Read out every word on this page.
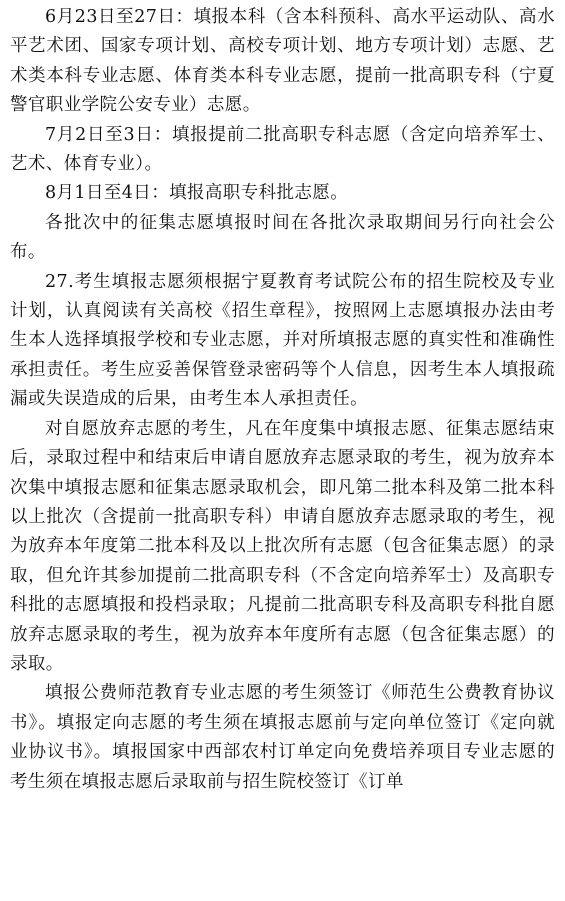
6月23日至27日：填报本科（含本科预科、高水平运动队、高水平艺术团、国家专项计划、高校专项计划、地方专项计划）志愿、艺术类本科专业志愿、体育类本科专业志愿，提前一批高职专科（宁夏警官职业学院公安专业）志愿。

7月2日至3日：填报提前二批高职专科志愿（含定向培养军士、艺术、体育专业）。

8月1日至4日：填报高职专科批志愿。

各批次中的征集志愿填报时间在各批次录取期间另行向社会公布。

27.考生填报志愿须根据宁夏教育考试院公布的招生院校及专业计划，认真阅读有关高校《招生章程》，按照网上志愿填报办法由考生本人选择填报学校和专业志愿，并对所填报志愿的真实性和准确性承担责任。考生应妥善保管登录密码等个人信息，因考生本人填报疏漏或失误造成的后果，由考生本人承担责任。

对自愿放弃志愿的考生，凡在年度集中填报志愿、征集志愿结束后，录取过程中和结束后申请自愿放弃志愿录取的考生，视为放弃本次集中填报志愿和征集志愿录取机会，即凡第二批本科及第二批本科以上批次（含提前一批高职专科）申请自愿放弃志愿录取的考生，视为放弃本年度第二批本科及以上批次所有志愿（包含征集志愿）的录取，但允许其参加提前二批高职专科（不含定向培养军士）及高职专科批的志愿填报和投档录取；凡提前二批高职专科及高职专科批自愿放弃志愿录取的考生，视为放弃本年度所有志愿（包含征集志愿）的录取。

填报公费师范教育专业志愿的考生须签订《师范生公费教育协议书》。填报定向志愿的考生须在填报志愿前与定向单位签订《定向就业协议书》。填报国家中西部农村订单定向免费培养项目专业志愿的考生须在填报志愿后录取前与招生院校签订《订单
